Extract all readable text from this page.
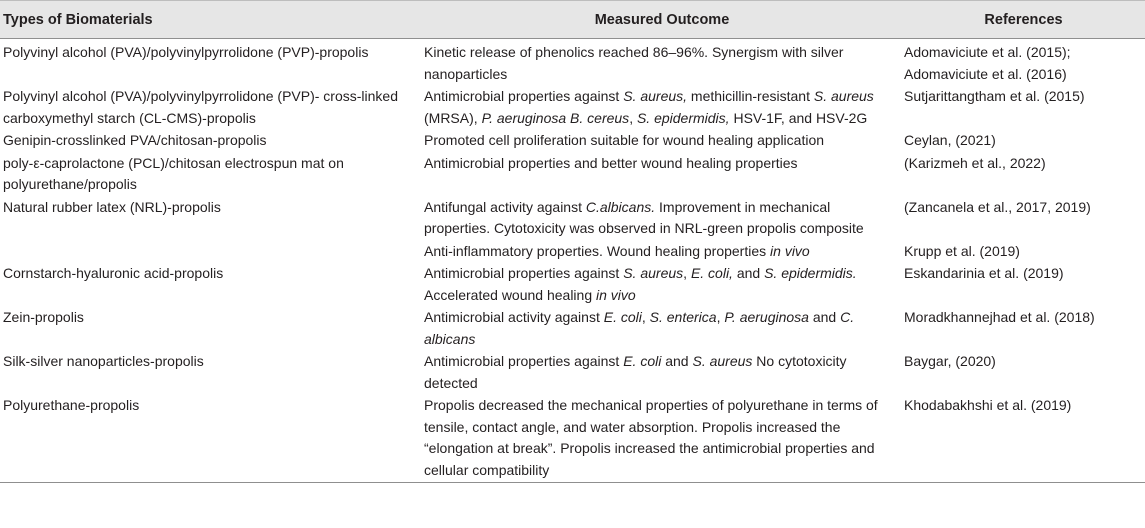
Types of Biomaterials	Measured Outcome	References
Polyvinyl alcohol (PVA)/polyvinylpyrrolidone (PVP)-propolis	Kinetic release of phenolics reached 86–96%. Synergism with silver nanoparticles	Adomaviciute et al. (2015);
Adomaviciute et al. (2016)

Polyvinyl alcohol (PVA)/polyvinylpyrrolidone (PVP)- cross-linked carboxymethyl starch (CL-CMS)-propolis	Antimicrobial properties against S. aureus, methicillin-resistant S. aureus (MRSA), P. aeruginosa B. cereus, S. epidermidis, HSV-1F, and HSV-2G	Sutjarittangtham et al. (2015)

Genipin-crosslinked PVA/chitosan-propolis	Promoted cell proliferation suitable for wound healing application	Ceylan, (2021)

poly-ε-caprolactone (PCL)/chitosan electrospun mat on polyurethane/propolis	Antimicrobial properties and better wound healing properties	(Karizmeh et al., 2022)

Natural rubber latex (NRL)-propolis	Antifungal activity against C.albicans. Improvement in mechanical properties. Cytotoxicity was observed in NRL-green propolis composite	(Zancanela et al., 2017, 2019)

	Anti-inflammatory properties. Wound healing properties in vivo	Krupp et al. (2019)

Cornstarch-hyaluronic acid-propolis	Antimicrobial properties against S. aureus, E. coli, and S. epidermidis. Accelerated wound healing in vivo	Eskandarinia et al. (2019)

Zein-propolis	Antimicrobial activity against E. coli, S. enterica, P. aeruginosa and C. albicans	Moradkhannejhad et al. (2018)

Silk-silver nanoparticles-propolis	Antimicrobial properties against E. coli and S. aureus No cytotoxicity detected	Baygar, (2020)

Polyurethane-propolis	Propolis decreased the mechanical properties of polyurethane in terms of tensile, contact angle, and water absorption. Propolis increased the “elongation at break”. Propolis increased the antimicrobial properties and cellular compatibility	Khodabakhshi et al. (2019)
